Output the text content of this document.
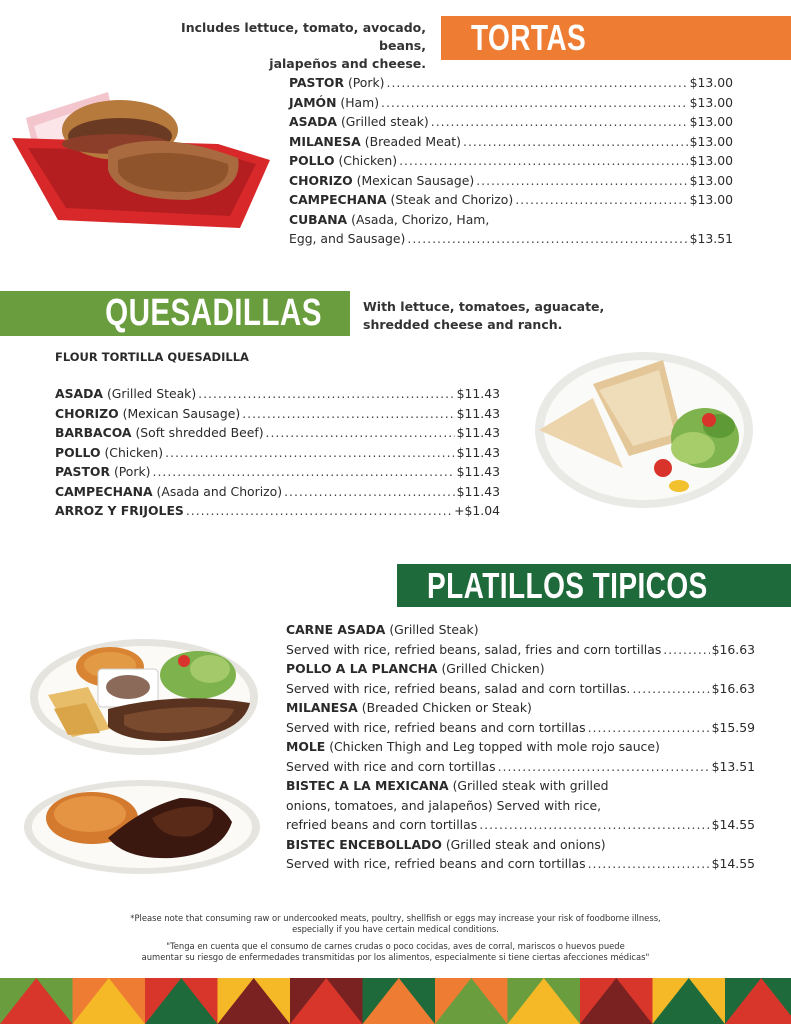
Includes lettuce, tomato, avocado, beans,
jalapeños and cheese.
TORTAS
PASTOR (Pork) .....	$13.00
JAMÓN (Ham) .....	$13.00
ASADA (Grilled steak) .....	$13.00
MILANESA (Breaded Meat) .....	$13.00
POLLO (Chicken) .....	$13.00
CHORIZO (Mexican Sausage) .....	$13.00
CAMPECHANA (Steak and Chorizo) .....	$13.00
CUBANA (Asada, Chorizo, Ham,
Egg, and Sausage) .....	$13.51
QUESADILLAS	With lettuce, tomatoes, aguacate,
shredded cheese and ranch.
FLOUR TORTILLA QUESADILLA
ASADA (Grilled Steak) .....	$11.43
CHORIZO (Mexican Sausage) .....	$11.43
BARBACOA (Soft shredded Beef) .....	$11.43
POLLO (Chicken) .....	$11.43
PASTOR (Pork) .....	$11.43
CAMPECHANA (Asada and Chorizo) .....	$11.43
ARROZ Y FRIJOLES .....	+$1.04
PLATILLOS TIPICOS
CARNE ASADA (Grilled Steak)
Served with rice, refried beans, salad, fries and corn tortillas .....	$16.63
POLLO A LA PLANCHA (Grilled Chicken)
Served with rice, refried beans, salad and corn tortillas. .....	$16.63
MILANESA (Breaded Chicken or Steak)
Served with rice, refried beans and corn tortillas .....	$15.59
MOLE (Chicken Thigh and Leg topped with mole rojo sauce)
Served with rice and corn tortillas .....	$13.51
BISTEC A LA MEXICANA (Grilled steak with grilled
onions, tomatoes, and jalapeños) Served with rice,
refried beans and corn tortillas .....	$14.55
BISTEC ENCEBOLLADO (Grilled steak and onions)
Served with rice, refried beans and corn tortillas .....	$14.55
*Please note that consuming raw or undercooked meats, poultry, shellfish or eggs may increase your risk of foodborne illness,
especially if you have certain medical conditions.
"Tenga en cuenta que el consumo de carnes crudas o poco cocidas, aves de corral, mariscos o huevos puede
aumentar su riesgo de enfermedades transmitidas por los alimentos, especialmente si tiene ciertas afecciones médicas"
